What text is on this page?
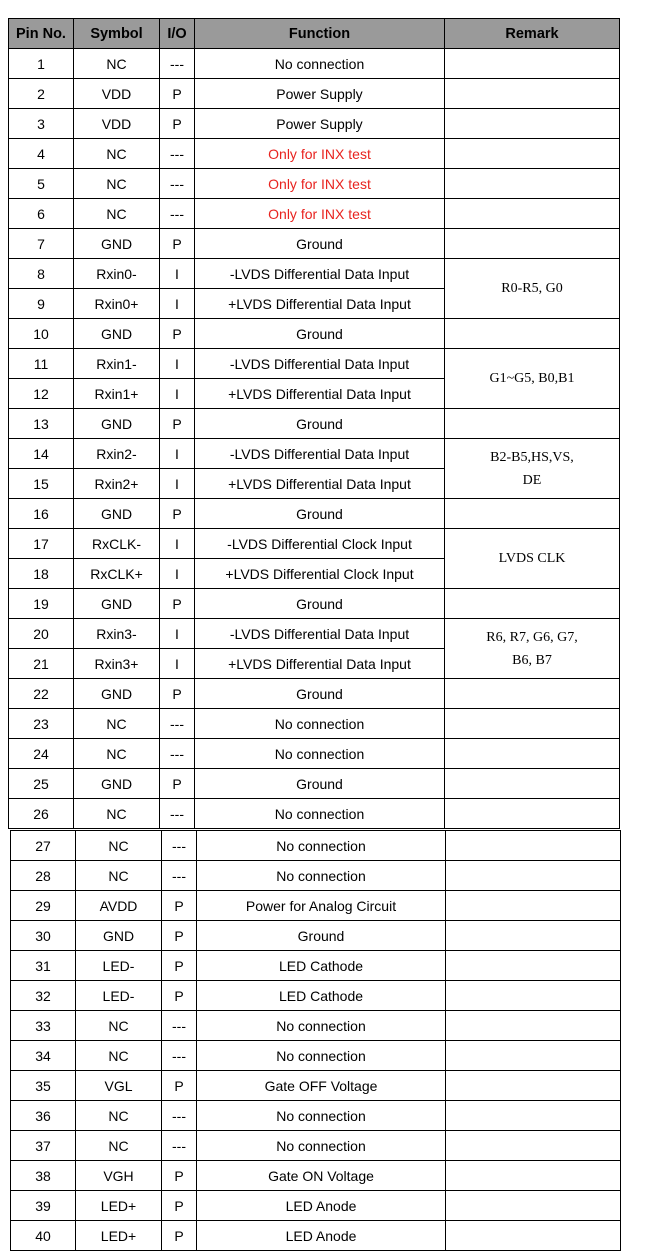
Pin No.	Symbol	I/O	Function	Remark
1	NC	---	No connection	
2	VDD	P	Power Supply	
3	VDD	P	Power Supply	
4	NC	---	Only for INX test	
5	NC	---	Only for INX test	
6	NC	---	Only for INX test	
7	GND	P	Ground	
8	Rxin0-	I	-LVDS Differential Data Input	R0-R5, G0

9	Rxin0+	I	+LVDS Differential Data Input	
10	GND	P	Ground	
11	Rxin1-	I	-LVDS Differential Data Input	G1~G5, B0,B1

12	Rxin1+	I	+LVDS Differential Data Input	
13	GND	P	Ground	
14	Rxin2-	I	-LVDS Differential Data Input	B2-B5,HS,VS,
DE

15	Rxin2+	I	+LVDS Differential Data Input	
16	GND	P	Ground	
17	RxCLK-	I	-LVDS Differential Clock Input	LVDS CLK

18	RxCLK+	I	+LVDS Differential Clock Input	
19	GND	P	Ground	
20	Rxin3-	I	-LVDS Differential Data Input	R6, R7, G6, G7,
B6, B7

21	Rxin3+	I	+LVDS Differential Data Input	
22	GND	P	Ground	
23	NC	---	No connection	
24	NC	---	No connection	
25	GND	P	Ground	
26	NC	---	No connection	
27	NC	---	No connection	
28	NC	---	No connection	
29	AVDD	P	Power for Analog Circuit	
30	GND	P	Ground	
31	LED-	P	LED Cathode	
32	LED-	P	LED Cathode	
33	NC	---	No connection	
34	NC	---	No connection	
35	VGL	P	Gate OFF Voltage	
36	NC	---	No connection	
37	NC	---	No connection	
38	VGH	P	Gate ON Voltage	
39	LED+	P	LED Anode	
40	LED+	P	LED Anode	
